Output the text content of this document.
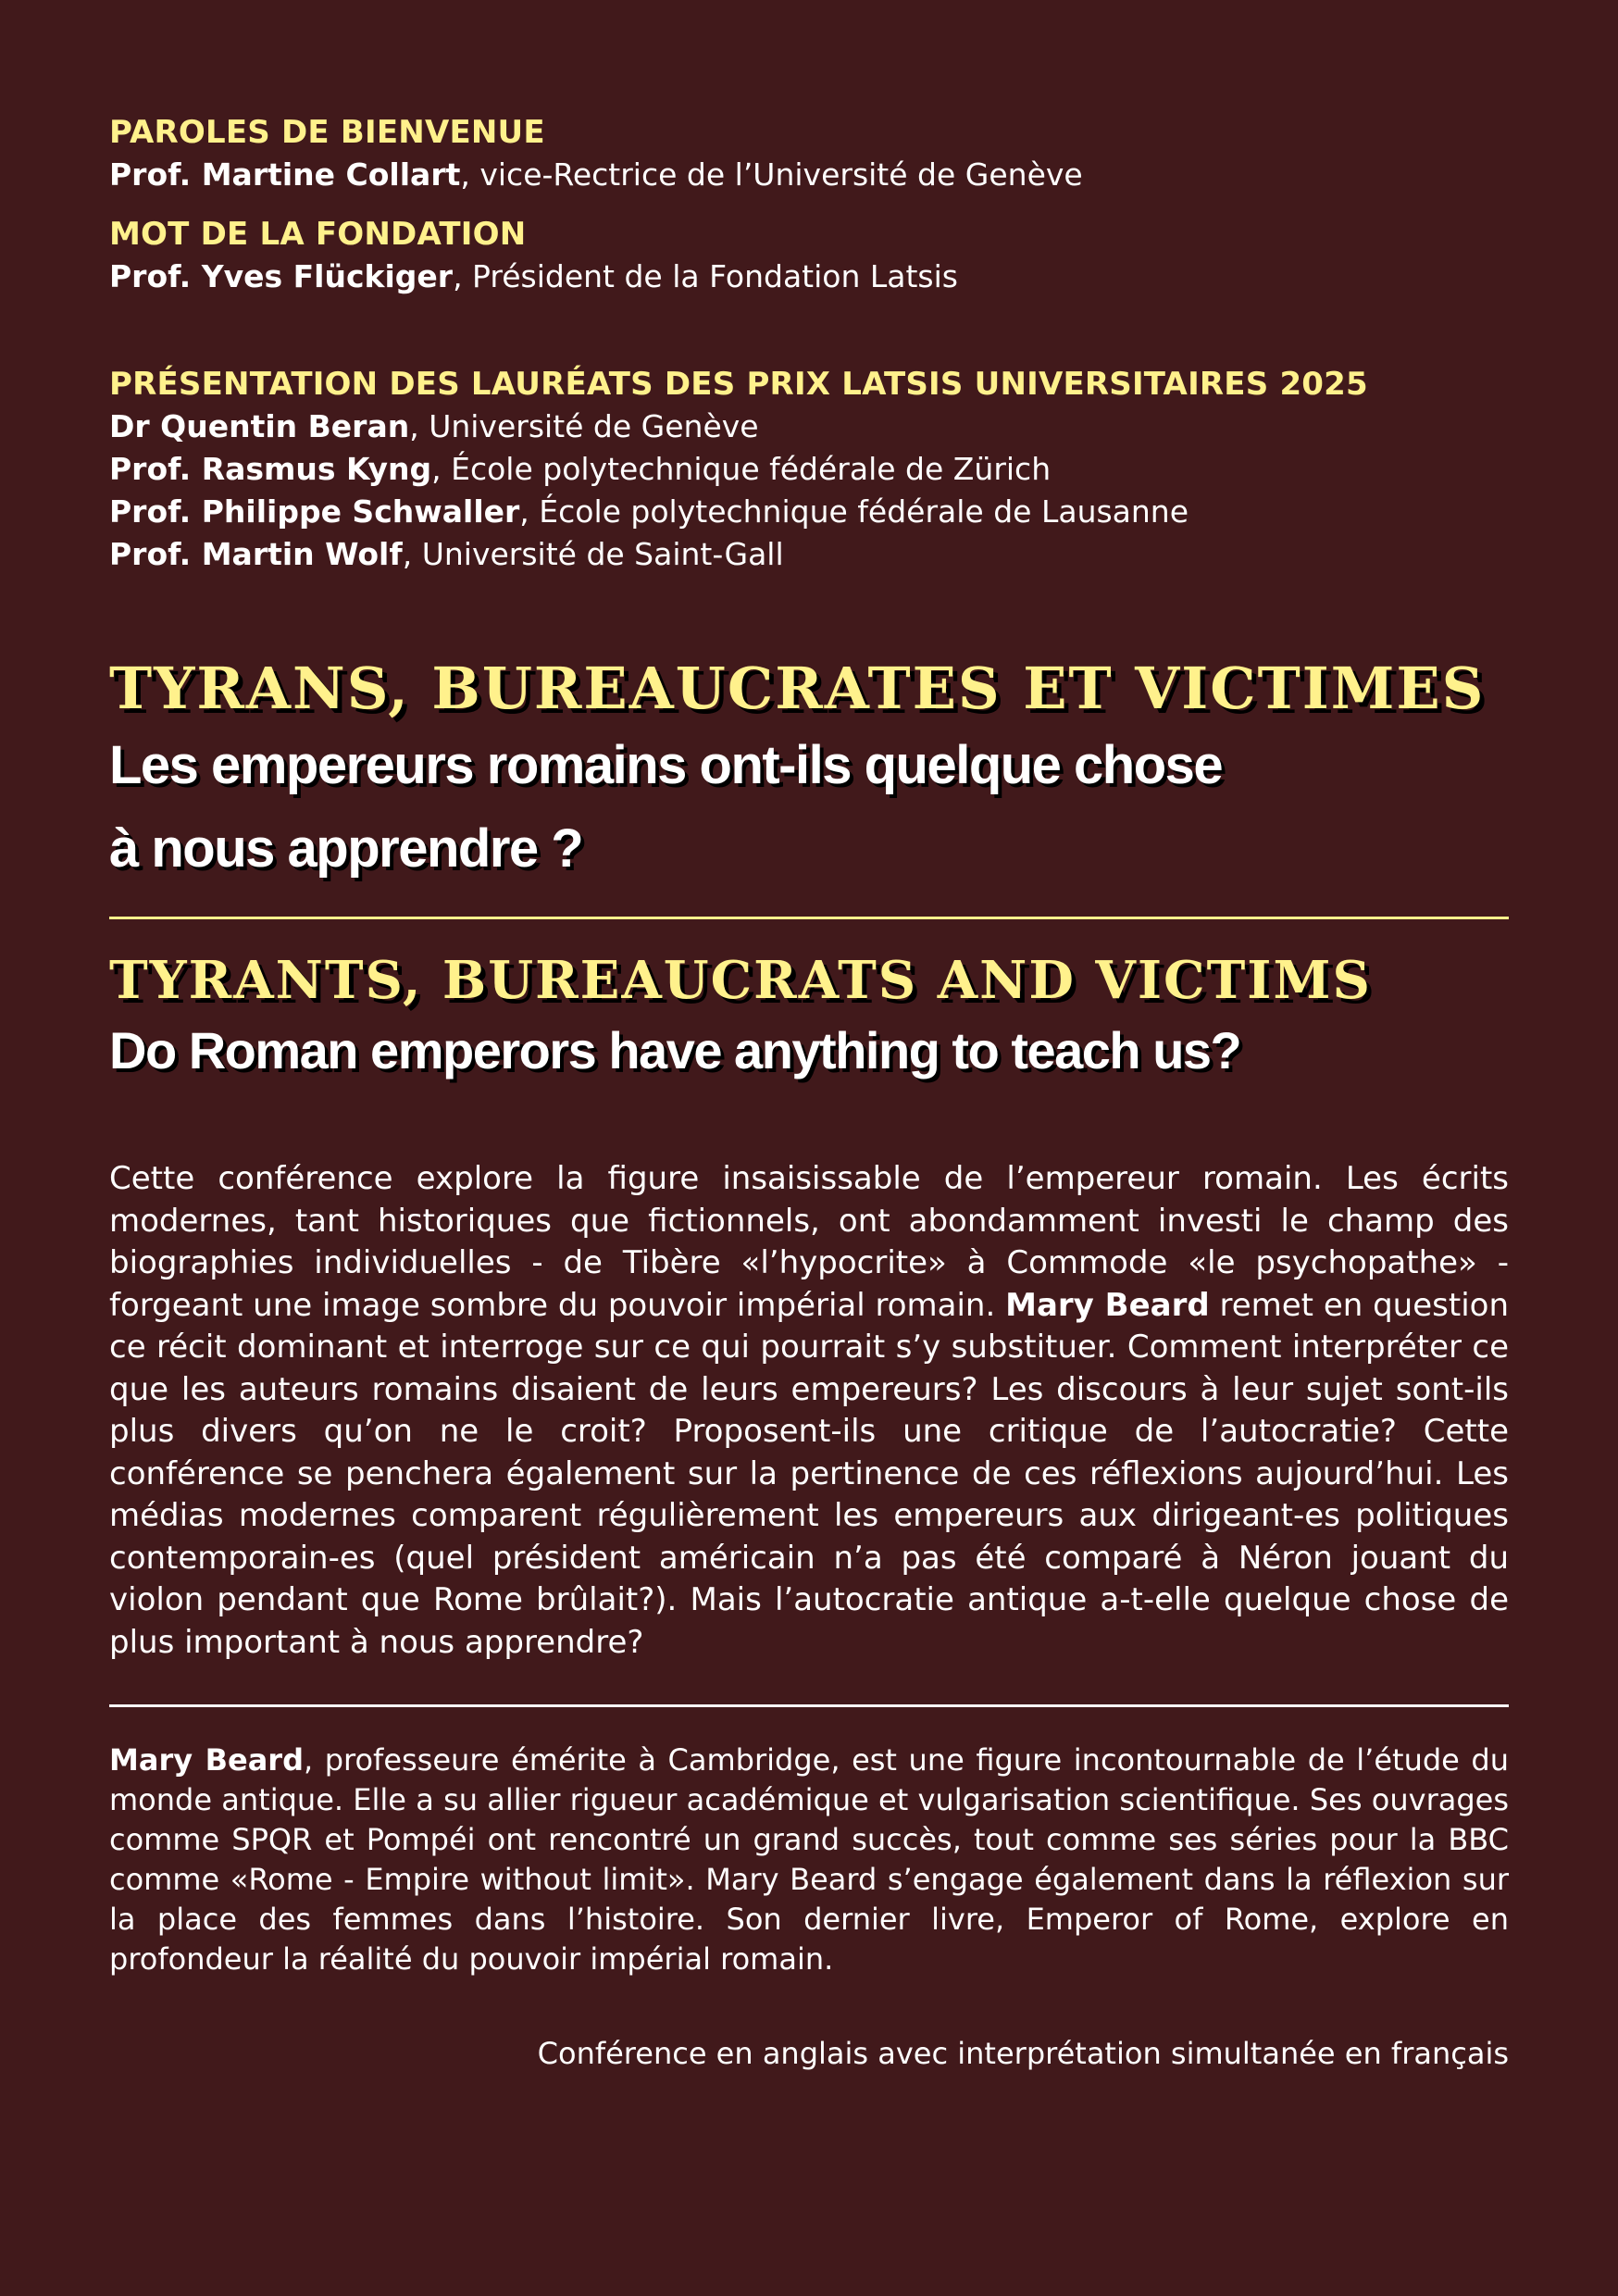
PAROLES DE BIENVENUE
Prof. Martine Collart, vice-Rectrice de l’Université de Genève
MOT DE LA FONDATION
Prof. Yves Flückiger, Président de la Fondation Latsis
PRÉSENTATION DES LAURÉATS DES PRIX LATSIS UNIVERSITAIRES 2025
Dr Quentin Beran, Université de Genève
Prof. Rasmus Kyng, École polytechnique fédérale de Zürich
Prof. Philippe Schwaller, École polytechnique fédérale de Lausanne
Prof. Martin Wolf, Université de Saint-Gall
TYRANS, BUREAUCRATES ET VICTIMES
Les empereurs romains ont-ils quelque chose
à nous apprendre ?
TYRANTS, BUREAUCRATS AND VICTIMS
Do Roman emperors have anything to teach us?
Cette conférence explore la figure insaisissable de l’empereur romain. Les écrits modernes, tant historiques que fictionnels, ont abondamment investi le champ des biographies individuelles - de Tibère «l’hypocrite» à Commode «le psychopathe» - forgeant une image sombre du pouvoir impérial romain. Mary Beard remet en question ce récit dominant et interroge sur ce qui pourrait s’y substituer. Comment interpréter ce que les auteurs romains disaient de leurs empereurs? Les discours à leur sujet sont-ils plus divers qu’on ne le croit? Proposent-ils une critique de l’autocratie? Cette conférence se penchera également sur la pertinence de ces réflexions aujourd’hui. Les médias modernes comparent régulièrement les empereurs aux dirigeant-es politiques contemporain-es (quel président américain n’a pas été comparé à Néron jouant du violon pendant que Rome brûlait?). Mais l’autocratie antique a-t-elle quelque chose de plus important à nous apprendre?
Mary Beard, professeure émérite à Cambridge, est une figure incontournable de l’étude du monde antique. Elle a su allier rigueur académique et vulgarisation scientifique. Ses ouvrages comme SPQR et Pompéi ont rencontré un grand succès, tout comme ses séries pour la BBC comme «Rome - Empire without limit». Mary Beard s’engage également dans la réflexion sur la place des femmes dans l’histoire. Son dernier livre, Emperor of Rome, explore en profondeur la réalité du pouvoir impérial romain.
Conférence en anglais avec interprétation simultanée en français
